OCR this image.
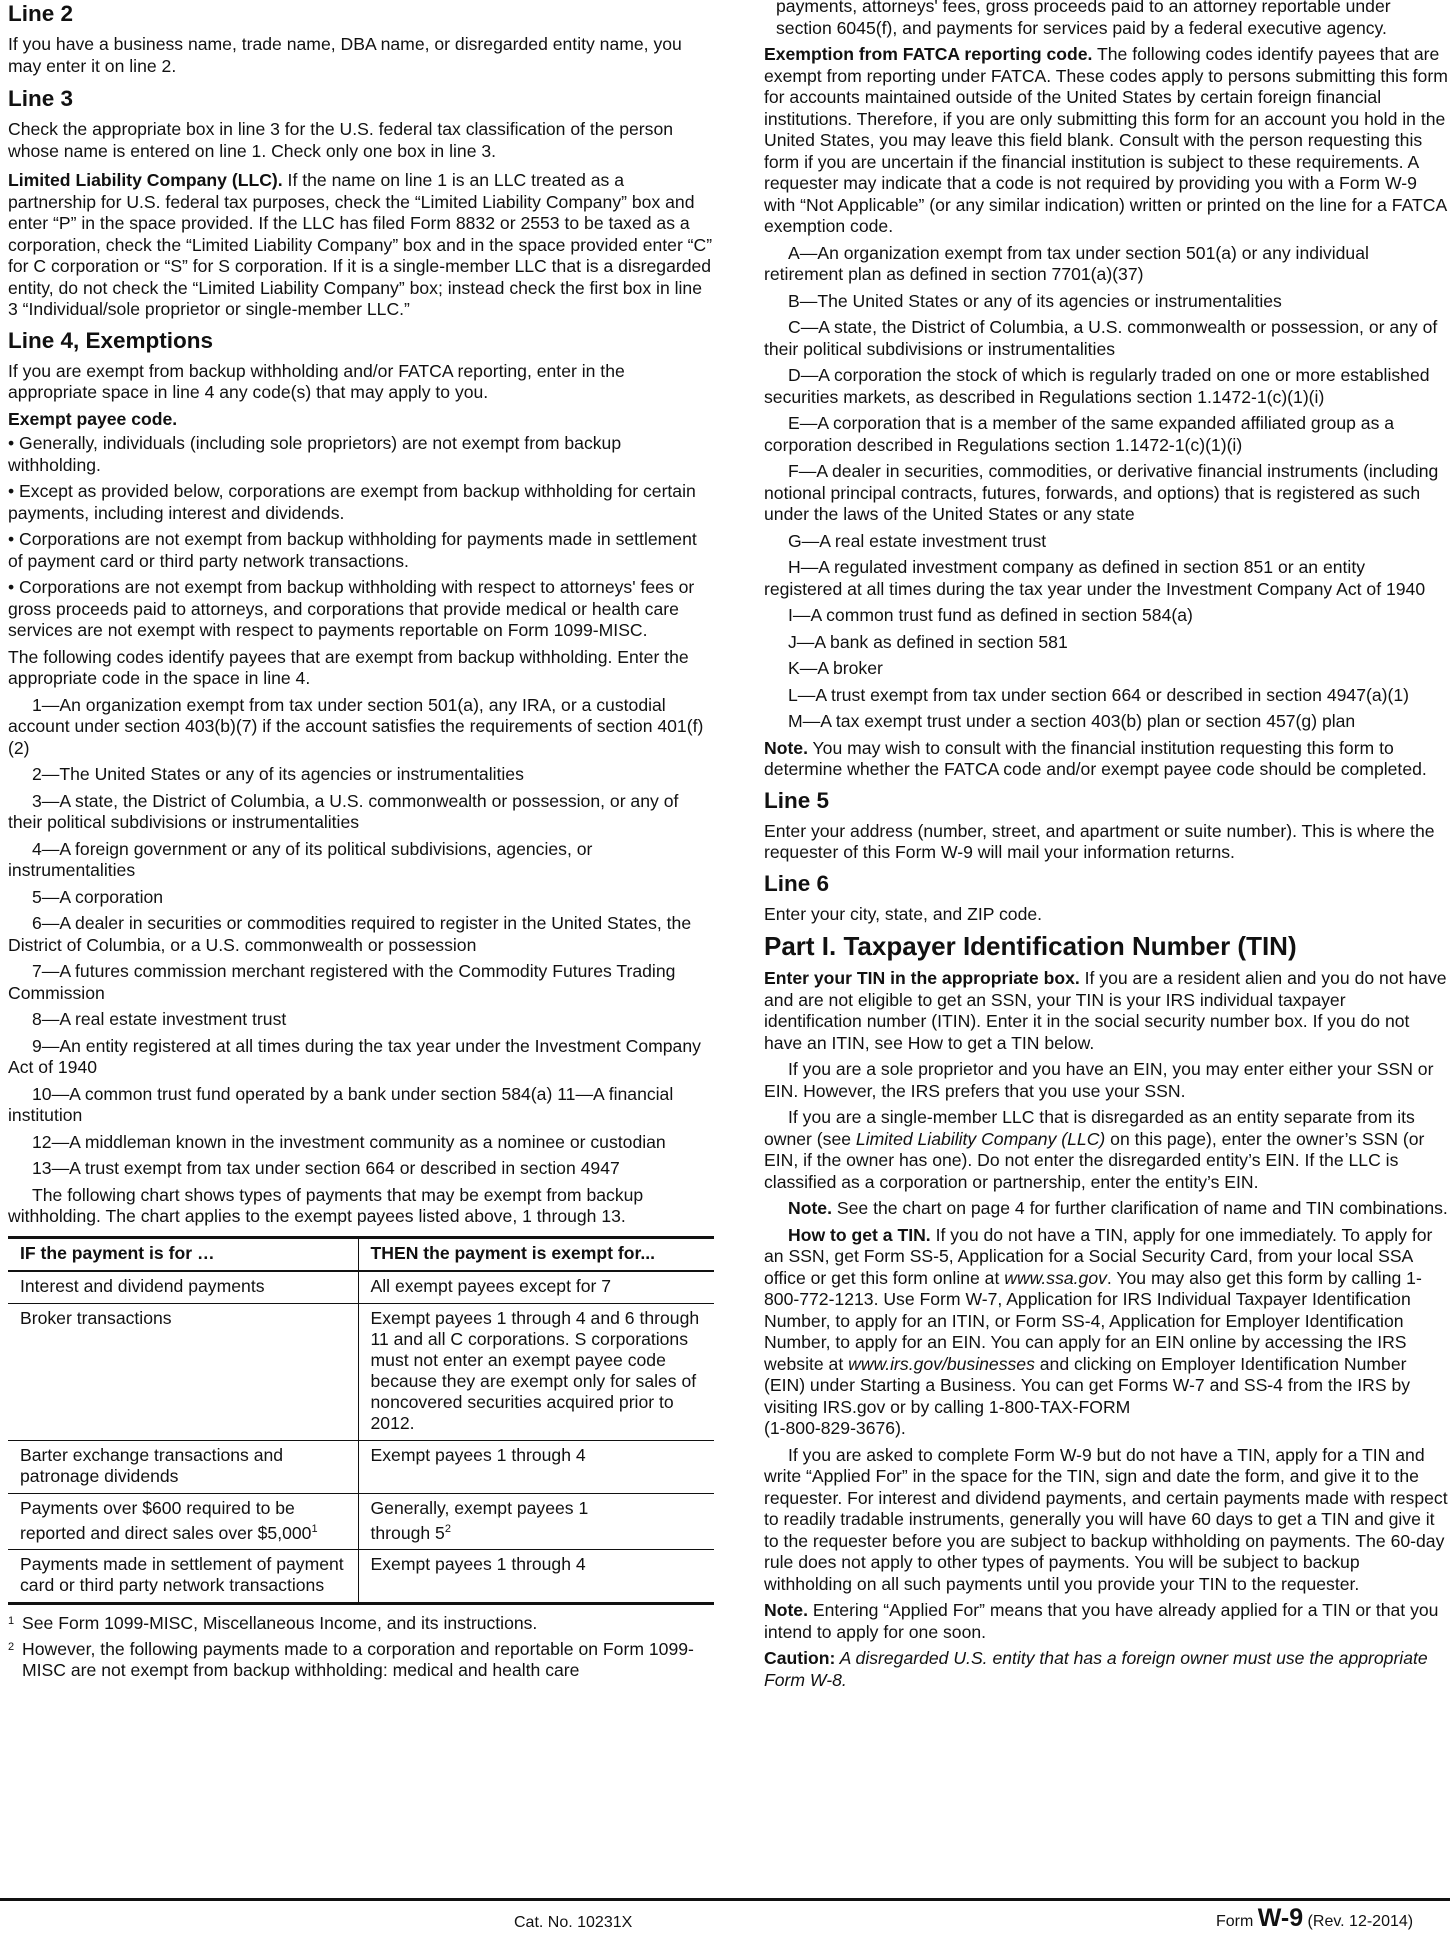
Line 2

If you have a business name, trade name, DBA name, or disregarded entity name, you may enter it on line 2.

Line 3

Check the appropriate box in line 3 for the U.S. federal tax classification of the person whose name is entered on line 1. Check only one box in line 3.

Limited Liability Company (LLC). If the name on line 1 is an LLC treated as a partnership for U.S. federal tax purposes, check the “Limited Liability Company” box and enter “P” in the space provided. If the LLC has filed Form 8832 or 2553 to be taxed as a corporation, check the “Limited Liability Company” box and in the space provided enter “C” for C corporation or “S” for S corporation. If it is a single-member LLC that is a disregarded entity, do not check the “Limited Liability Company” box; instead check the first box in line 3 “Individual/sole proprietor or single-member LLC.”

Line 4, Exemptions

If you are exempt from backup withholding and/or FATCA reporting, enter in the appropriate space in line 4 any code(s) that may apply to you.

Exempt payee code.

• Generally, individuals (including sole proprietors) are not exempt from backup withholding.

• Except as provided below, corporations are exempt from backup withholding for certain payments, including interest and dividends.

• Corporations are not exempt from backup withholding for payments made in settlement of payment card or third party network transactions.

• Corporations are not exempt from backup withholding with respect to attorneys' fees or gross proceeds paid to attorneys, and corporations that provide medical or health care services are not exempt with respect to payments reportable on Form 1099-MISC.

The following codes identify payees that are exempt from backup withholding. Enter the appropriate code in the space in line 4.

1—An organization exempt from tax under section 501(a), any IRA, or a custodial account under section 403(b)(7) if the account satisfies the requirements of section 401(f)(2)

2—The United States or any of its agencies or instrumentalities

3—A state, the District of Columbia, a U.S. commonwealth or possession, or any of their political subdivisions or instrumentalities

4—A foreign government or any of its political subdivisions, agencies, or instrumentalities

5—A corporation

6—A dealer in securities or commodities required to register in the United States, the District of Columbia, or a U.S. commonwealth or possession

7—A futures commission merchant registered with the Commodity Futures Trading Commission

8—A real estate investment trust

9—An entity registered at all times during the tax year under the Investment Company Act of 1940

10—A common trust fund operated by a bank under section 584(a) 11—A financial institution

12—A middleman known in the investment community as a nominee or custodian

13—A trust exempt from tax under section 664 or described in section 4947

The following chart shows types of payments that may be exempt from backup withholding. The chart applies to the exempt payees listed above, 1 through 13.

IF the payment is for …	THEN the payment is exempt for...
Interest and dividend payments	All exempt payees except for 7
Broker transactions	Exempt payees 1 through 4 and 6 through 11 and all C corporations. S corporations must not enter an exempt payee code because they are exempt only for sales of noncovered securities acquired prior to 2012.
Barter exchange transactions and patronage dividends	Exempt payees 1 through 4
Payments over $600 required to be reported and direct sales over $5,000$^1$	Generally, exempt payees 1 through $5^2$
Payments made in settlement of payment card or third party network transactions	Exempt payees 1 through 4
1 See Form 1099-MISC, Miscellaneous Income, and its instructions.
2 However, the following payments made to a corporation and reportable on Form 1099-MISC are not exempt from backup withholding: medical and health care

payments, attorneys' fees, gross proceeds paid to an attorney reportable under section 6045(f), and payments for services paid by a federal executive agency.

Exemption from FATCA reporting code. The following codes identify payees that are exempt from reporting under FATCA. These codes apply to persons submitting this form for accounts maintained outside of the United States by certain foreign financial institutions. Therefore, if you are only submitting this form for an account you hold in the United States, you may leave this field blank. Consult with the person requesting this form if you are uncertain if the financial institution is subject to these requirements. A requester may indicate that a code is not required by providing you with a Form W-9 with “Not Applicable” (or any similar indication) written or printed on the line for a FATCA exemption code.

A—An organization exempt from tax under section 501(a) or any individual retirement plan as defined in section 7701(a)(37)

B—The United States or any of its agencies or instrumentalities

C—A state, the District of Columbia, a U.S. commonwealth or possession, or any of their political subdivisions or instrumentalities

D—A corporation the stock of which is regularly traded on one or more established securities markets, as described in Regulations section 1.1472-1(c)(1)(i)

E—A corporation that is a member of the same expanded affiliated group as a corporation described in Regulations section 1.1472-1(c)(1)(i)

F—A dealer in securities, commodities, or derivative financial instruments (including notional principal contracts, futures, forwards, and options) that is registered as such under the laws of the United States or any state

G—A real estate investment trust

H—A regulated investment company as defined in section 851 or an entity registered at all times during the tax year under the Investment Company Act of 1940

I—A common trust fund as defined in section 584(a)

J—A bank as defined in section 581

K—A broker

L—A trust exempt from tax under section 664 or described in section 4947(a)(1)

M—A tax exempt trust under a section 403(b) plan or section 457(g) plan

Note. You may wish to consult with the financial institution requesting this form to determine whether the FATCA code and/or exempt payee code should be completed.

Line 5

Enter your address (number, street, and apartment or suite number). This is where the requester of this Form W-9 will mail your information returns.

Line 6

Enter your city, state, and ZIP code.

Part I. Taxpayer Identification Number (TIN)

Enter your TIN in the appropriate box. If you are a resident alien and you do not have and are not eligible to get an SSN, your TIN is your IRS individual taxpayer identification number (ITIN). Enter it in the social security number box. If you do not have an ITIN, see How to get a TIN below.

If you are a sole proprietor and you have an EIN, you may enter either your SSN or EIN. However, the IRS prefers that you use your SSN.

If you are a single-member LLC that is disregarded as an entity separate from its owner (see Limited Liability Company (LLC) on this page), enter the owner’s SSN (or EIN, if the owner has one). Do not enter the disregarded entity’s EIN. If the LLC is classified as a corporation or partnership, enter the entity’s EIN.

Note. See the chart on page 4 for further clarification of name and TIN combinations.

How to get a TIN. If you do not have a TIN, apply for one immediately. To apply for an SSN, get Form SS-5, Application for a Social Security Card, from your local SSA office or get this form online at www.ssa.gov. You may also get this form by calling 1-800-772-1213. Use Form W-7, Application for IRS Individual Taxpayer Identification Number, to apply for an ITIN, or Form SS-4, Application for Employer Identification Number, to apply for an EIN. You can apply for an EIN online by accessing the IRS website at www.irs.gov/businesses and clicking on Employer Identification Number (EIN) under Starting a Business. You can get Forms W-7 and SS-4 from the IRS by visiting IRS.gov or by calling 1-800-TAX-FORM
(1-800-829-3676).

If you are asked to complete Form W-9 but do not have a TIN, apply for a TIN and write “Applied For” in the space for the TIN, sign and date the form, and give it to the requester. For interest and dividend payments, and certain payments made with respect to readily tradable instruments, generally you will have 60 days to get a TIN and give it to the requester before you are subject to backup withholding on payments. The 60-day rule does not apply to other types of payments. You will be subject to backup withholding on all such payments until you provide your TIN to the requester.

Note. Entering “Applied For” means that you have already applied for a TIN or that you intend to apply for one soon.

Caution: A disregarded U.S. entity that has a foreign owner must use the appropriate Form W-8.

Cat. No. 10231X	Form W-9 (Rev. 12-2014)
